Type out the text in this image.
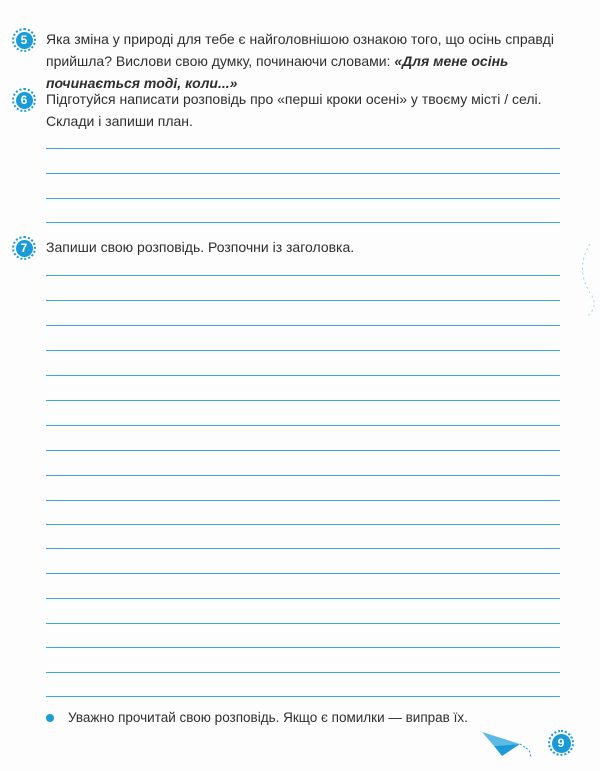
5	Яка зміна у природі для тебе є найголовнішою ознакою того, що осінь справді прийшла? Вислови свою думку, починаючи словами: «Для мене осінь починається тоді, коли...»
6	Підготуйся написати розповідь про «перші кроки осені» у твоєму місті / селі. Склади і запиши план.
7	Запиши свою розповідь. Розпочни із заголовка.
Уважно прочитай свою розповідь. Якщо є помилки — виправ їх.
9
